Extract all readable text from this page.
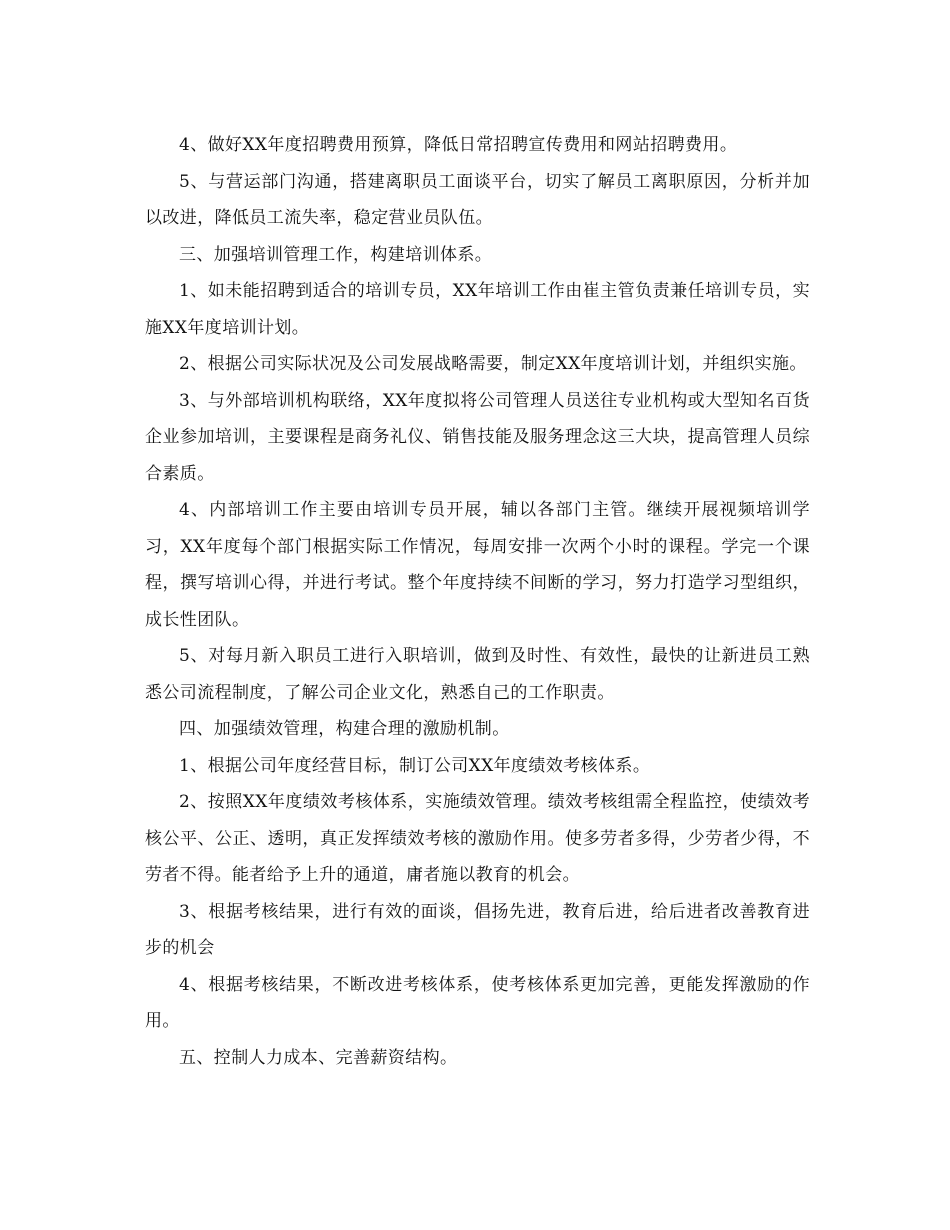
4、做好XX年度招聘费用预算，降低日常招聘宣传费用和网站招聘费用。

5、与营运部门沟通，搭建离职员工面谈平台，切实了解员工离职原因，分析并加以改进，降低员工流失率，稳定营业员队伍。

三、加强培训管理工作，构建培训体系。

1、如未能招聘到适合的培训专员，XX年培训工作由崔主管负责兼任培训专员，实施XX年度培训计划。

2、根据公司实际状况及公司发展战略需要，制定XX年度培训计划，并组织实施。

3、与外部培训机构联络，XX年度拟将公司管理人员送往专业机构或大型知名百货企业参加培训，主要课程是商务礼仪、销售技能及服务理念这三大块，提高管理人员综合素质。

4、内部培训工作主要由培训专员开展，辅以各部门主管。继续开展视频培训学习，XX年度每个部门根据实际工作情况，每周安排一次两个小时的课程。学完一个课程，撰写培训心得，并进行考试。整个年度持续不间断的学习，努力打造学习型组织，成长性团队。

5、对每月新入职员工进行入职培训，做到及时性、有效性，最快的让新进员工熟悉公司流程制度，了解公司企业文化，熟悉自己的工作职责。

四、加强绩效管理，构建合理的激励机制。

1、根据公司年度经营目标，制订公司XX年度绩效考核体系。

2、按照XX年度绩效考核体系，实施绩效管理。绩效考核组需全程监控，使绩效考核公平、公正、透明，真正发挥绩效考核的激励作用。使多劳者多得，少劳者少得，不劳者不得。能者给予上升的通道，庸者施以教育的机会。

3、根据考核结果，进行有效的面谈，倡扬先进，教育后进，给后进者改善教育进步的机会

4、根据考核结果，不断改进考核体系，使考核体系更加完善，更能发挥激励的作用。

五、控制人力成本、完善薪资结构。
